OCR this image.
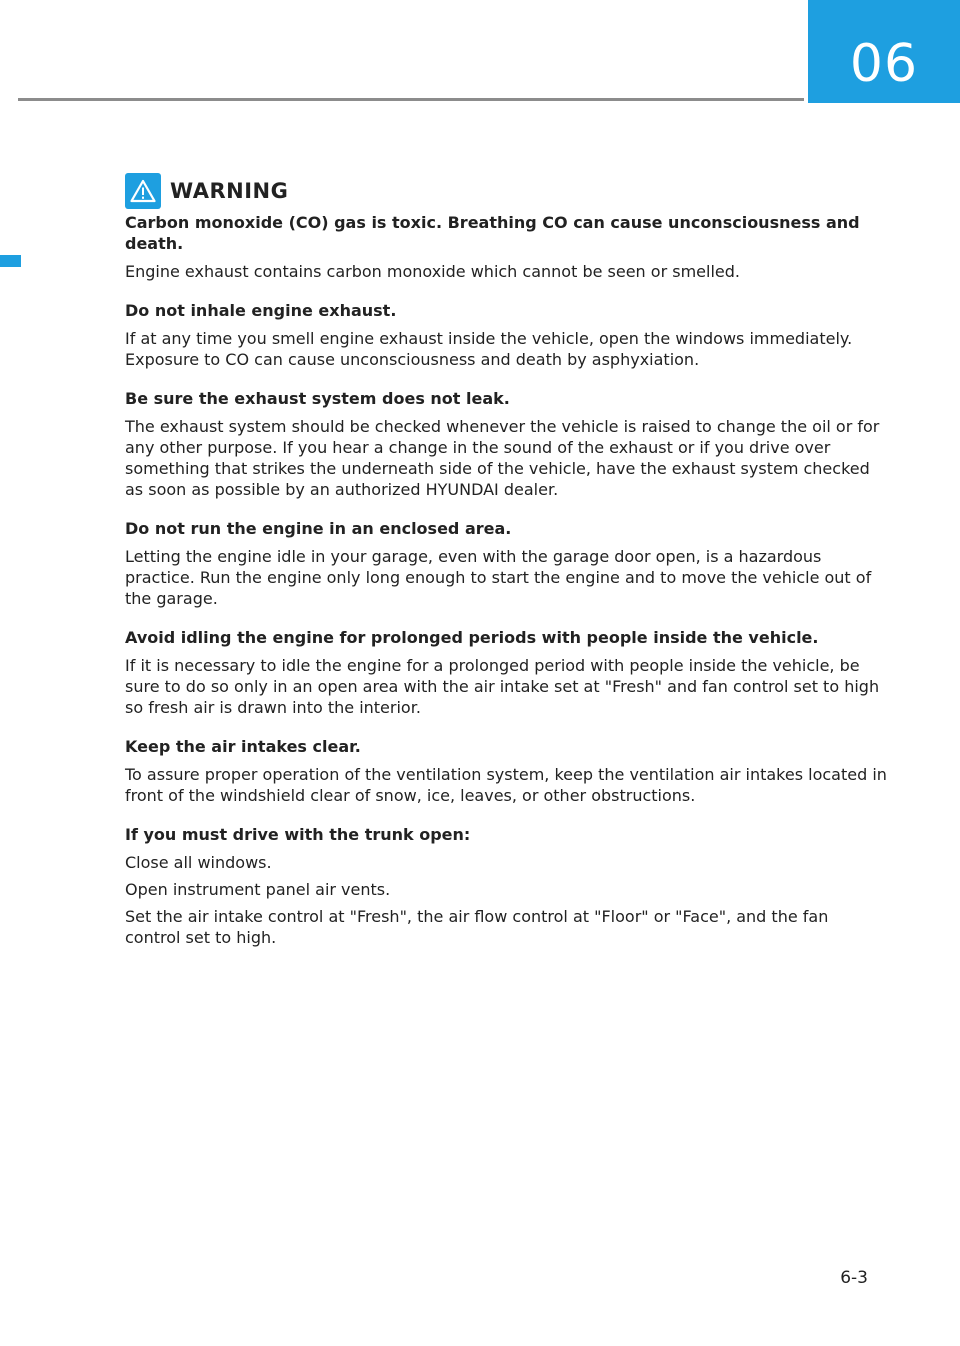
06
WARNING

Carbon monoxide (CO) gas is toxic. Breathing CO can cause unconsciousness and death.

Engine exhaust contains carbon monoxide which cannot be seen or smelled.

Do not inhale engine exhaust.

If at any time you smell engine exhaust inside the vehicle, open the windows immediately. Exposure to CO can cause unconsciousness and death by asphyxiation.

Be sure the exhaust system does not leak.

The exhaust system should be checked whenever the vehicle is raised to change the oil or for any other purpose. If you hear a change in the sound of the exhaust or if you drive over something that strikes the underneath side of the vehicle, have the exhaust system checked as soon as possible by an authorized HYUNDAI dealer.

Do not run the engine in an enclosed area.

Letting the engine idle in your garage, even with the garage door open, is a hazardous practice. Run the engine only long enough to start the engine and to move the vehicle out of the garage.

Avoid idling the engine for prolonged periods with people inside the vehicle.

If it is necessary to idle the engine for a prolonged period with people inside the vehicle, be sure to do so only in an open area with the air intake set at "Fresh" and fan control set to high so fresh air is drawn into the interior.

Keep the air intakes clear.

To assure proper operation of the ventilation system, keep the ventilation air intakes located in front of the windshield clear of snow, ice, leaves, or other obstructions.

If you must drive with the trunk open:

Close all windows.

Open instrument panel air vents.

Set the air intake control at "Fresh", the air flow control at "Floor" or "Face", and the fan control set to high.

6-3
